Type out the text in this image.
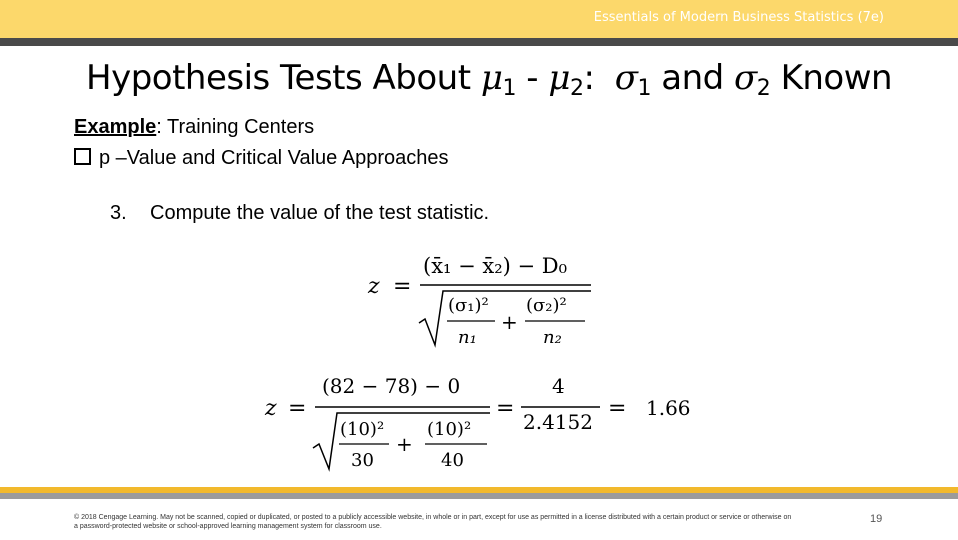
Essentials of Modern Business Statistics (7e)
Hypothesis Tests About $\mu_1 - \mu_2$: $\sigma_1$ and $\sigma_2$ Known
Example: Training Centers
p –Value and Critical Value Approaches
3. Compute the value of the test statistic.
z =
(x̄₁ − x̄₂) − D₀
(σ₁)²
n₁
+
(σ₂)²
n₂
z =
(82 − 78) − 0
(10)²
30
+
(10)²
40
=
4
2.4152
= 1.66
© 2018 Cengage Learning. May not be scanned, copied or duplicated, or posted to a publicly accessible website, in whole or in part, except for use as permitted in a license distributed with a certain product or service or otherwise on a password-protected website or school-approved learning management system for classroom use.
19
